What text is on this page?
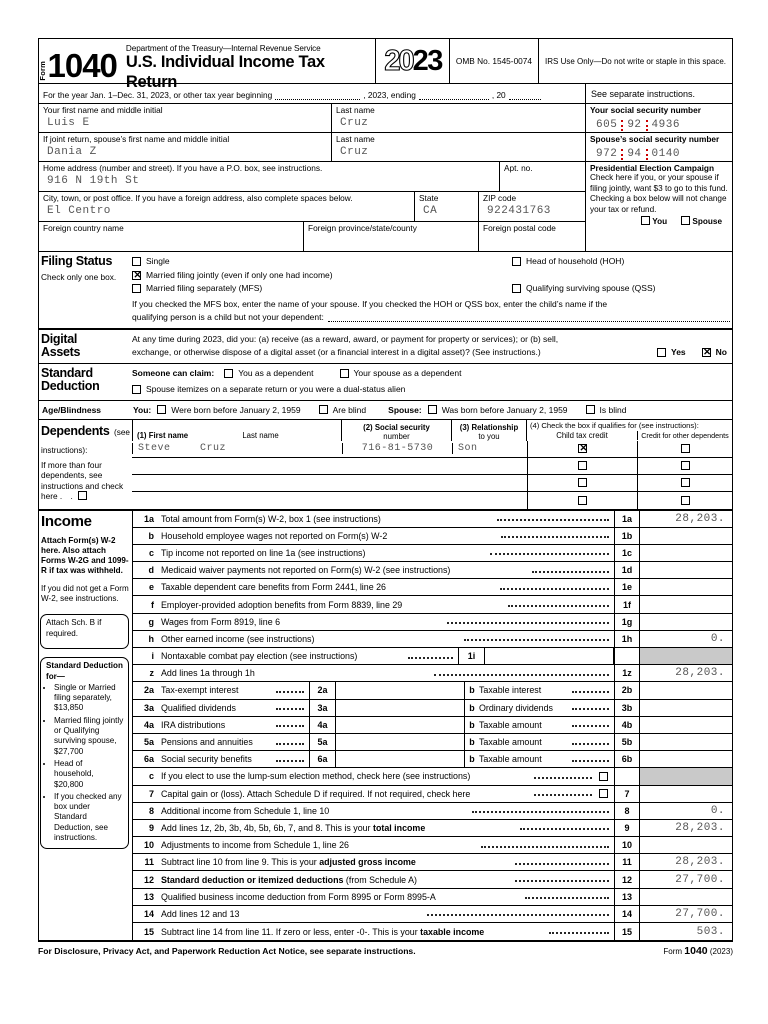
Form 1040 Department of the Treasury—Internal Revenue Service
U.S. Individual Income Tax Return
20 23	OMB No. 1545-0074	IRS Use Only—Do not write or staple in this space.
For the year Jan. 1–Dec. 31, 2023, or other tax year beginning	, 2023, ending	, 20	See separate instructions.
Your first name and middle initial
Luis E
Last name
Cruz
If joint return, spouse’s first name and middle initial
Dania Z
Last name
Cruz
Home address (number and street). If you have a P.O. box, see instructions.
916 N 19th St
Apt. no.
City, town, or post office. If you have a foreign address, also complete spaces below.
El Centro
State
CA
ZIP code
922431763
Foreign country name	Foreign province/state/county	Foreign postal code
Your social security number
605 92 4936
Spouse’s social security number
972 94 0140
Presidential Election Campaign
Check here if you, or your spouse if filing jointly, want $3 to go to this fund. Checking a box below will not change your tax or refund.
You	Spouse
Filing Status
Check only one box.
Single	Head of household (HOH)
✕
Married filing jointly (even if only one had income)
Married filing separately (MFS)	Qualifying surviving spouse (QSS)
If you checked the MFS box, enter the name of your spouse. If you checked the HOH or QSS box, enter the child’s name if the
qualifying person is a child but not your dependent:
Digital
Assets
At any time during 2023, did you: (a) receive (as a reward, award, or payment for property or services); or (b) sell,
exchange, or otherwise dispose of a digital asset (or a financial interest in a digital asset)? (See instructions.)	Yes ✕	No
Standard
Deduction
Someone can claim:	You as a dependent	Your spouse as a dependent
Spouse itemizes on a separate return or you were a dual-status alien
Age/Blindness	You: Were born before January 2, 1959	Are blind	Spouse: Was born before January 2, 1959	Is blind
Dependents (see instructions):
If more than four dependents, see instructions and check here . .
(1) First name	Last name
(2) Social security
number
(3) Relationship
to you
(4) Check the box if qualifies for (see instructions):
Child tax credit	Credit for other dependents
Steve	Cruz	716-81-5730	Son
✕
Income
Attach Form(s) W-2 here. Also attach Forms W-2G and 1099-R if tax was withheld.
If you did not get a Form W-2, see instructions.
Attach Sch. B if required.
Standard Deduction for—
• Single or Married filing separately, $13,850
• Married filing jointly or Qualifying surviving spouse, $27,700
• Head of household, $20,800
• If you checked any box under Standard Deduction, see instructions.
1a Total amount from Form(s) W-2, box 1 (see instructions)	1a	28,203.
b Household employee wages not reported on Form(s) W-2	1b
c Tip income not reported on line 1a (see instructions)	1c
d Medicaid waiver payments not reported on Form(s) W-2 (see instructions)	1d
e Taxable dependent care benefits from Form 2441, line 26	1e
f Employer-provided adoption benefits from Form 8839, line 29	1f
g Wages from Form 8919, line 6	1g
h Other earned income (see instructions)	1h	0.
i Nontaxable combat pay election (see instructions)	1i
z Add lines 1a through 1h	1z	28,203.
2a Tax-exempt interest	2a	b Taxable interest	2b
3a Qualified dividends	3a	b Ordinary dividends	3b
4a IRA distributions	4a	b Taxable amount	4b
5a Pensions and annuities	5a	b Taxable amount	5b
6a Social security benefits	6a	b Taxable amount	6b
c If you elect to use the lump-sum election method, check here (see instructions)
7 Capital gain or (loss). Attach Schedule D if required. If not required, check here	7
8 Additional income from Schedule 1, line 10	8	0.
9 Add lines 1z, 2b, 3b, 4b, 5b, 6b, 7, and 8. This is your total income	9	28,203.
10 Adjustments to income from Schedule 1, line 26	10
11 Subtract line 10 from line 9. This is your adjusted gross income	11	28,203.
12 Standard deduction or itemized deductions (from Schedule A)	12	27,700.
13 Qualified business income deduction from Form 8995 or Form 8995-A	13
14 Add lines 12 and 13	14	27,700.
15 Subtract line 14 from line 11. If zero or less, enter -0-. This is your taxable income	15	503.
For Disclosure, Privacy Act, and Paperwork Reduction Act Notice, see separate instructions.	Form 1040 (2023)
